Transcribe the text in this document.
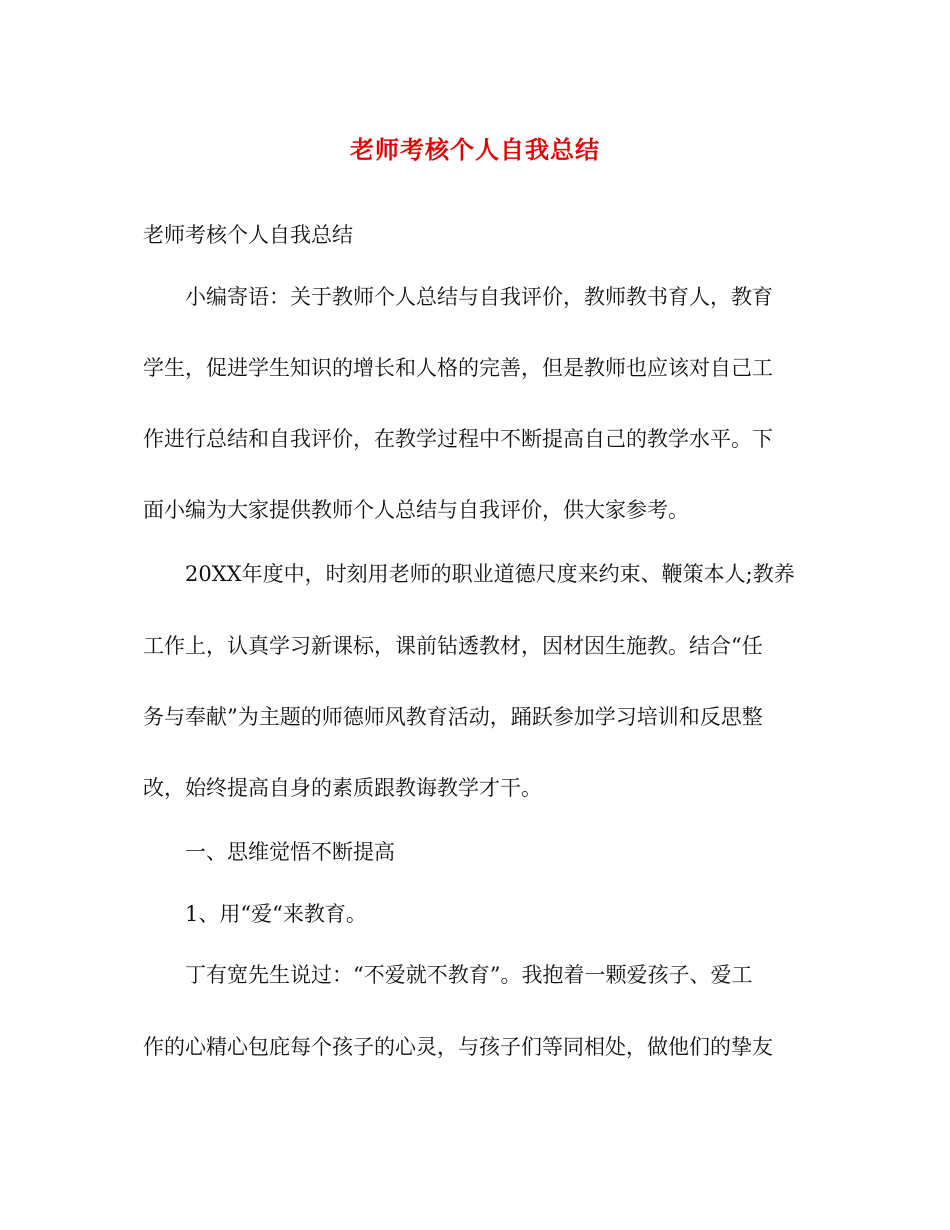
老师考核个人自我总结
老师考核个人自我总结
小编寄语：关于教师个人总结与自我评价，教师教书育人，教育
学生，促进学生知识的增长和人格的完善，但是教师也应该对自己工
作进行总结和自我评价，在教学过程中不断提高自己的教学水平。下
面小编为大家提供教师个人总结与自我评价，供大家参考。
20XX年度中，时刻用老师的职业道德尺度来约束、鞭策本人;教养
工作上，认真学习新课标，课前钻透教材，因材因生施教。结合“任
务与奉献”为主题的师德师风教育活动，踊跃参加学习培训和反思整
改，始终提高自身的素质跟教诲教学才干。
一、思维觉悟不断提高
1、用“爱“来教育。
丁有宽先生说过：“不爱就不教育”。我抱着一颗爱孩子、爱工
作的心精心包庇每个孩子的心灵，与孩子们等同相处，做他们的挚友
